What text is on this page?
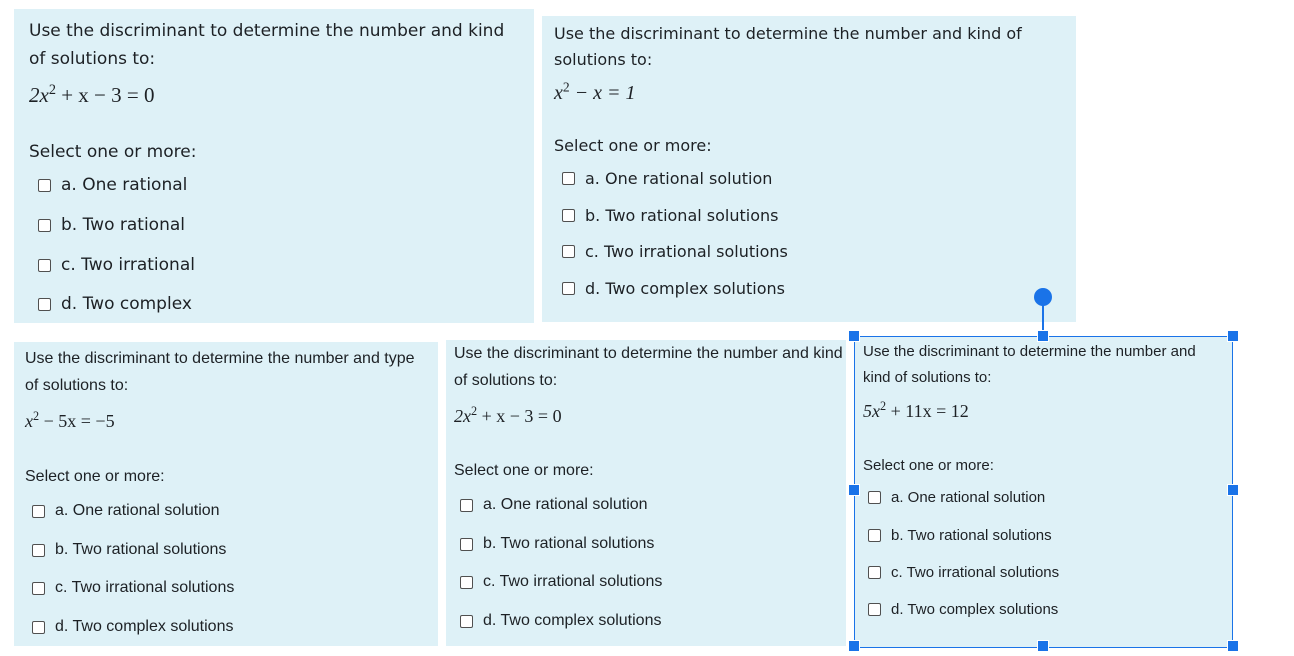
Use the discriminant to determine the number and kind of solutions to:

$2x^2 + x - 3 = 0$

Select one or more:

a. One rational
b. Two rational
c. Two irrational
d. Two complex

Use the discriminant to determine the number and kind of solutions to:

$x^2 - x = 1$

Select one or more:

a. One rational solution
b. Two rational solutions
c. Two irrational solutions
d. Two complex solutions

Use the discriminant to determine the number and type of solutions to:

$x^2 - 5x = -5$

Select one or more:

a. One rational solution
b. Two rational solutions
c. Two irrational solutions
d. Two complex solutions

Use the discriminant to determine the number and kind of solutions to:

$2x^2 + x - 3 = 0$

Select one or more:

a. One rational solution
b. Two rational solutions
c. Two irrational solutions
d. Two complex solutions

Use the discriminant to determine the number and kind of solutions to:

$5x^2 + 11x = 12$

Select one or more:

a. One rational solution
b. Two rational solutions
c. Two irrational solutions
d. Two complex solutions
